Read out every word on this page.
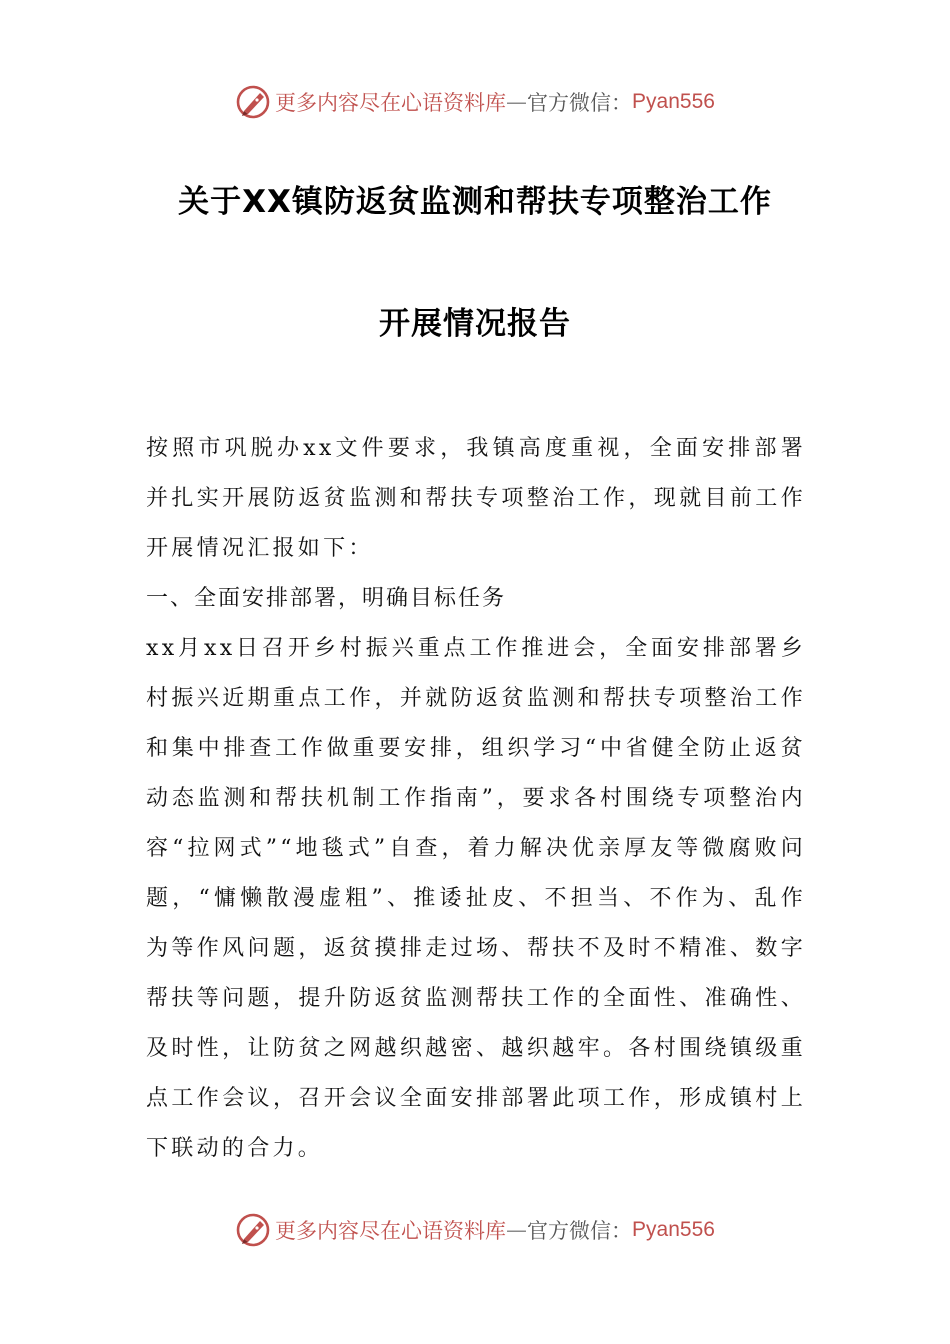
更多内容尽在心语资料库 — 官方微信： Pyan556
关于XX镇防返贫监测和帮扶专项整治工作
开展情况报告

按照市巩脱办xx文件要求，我镇高度重视，全面安排部署并扎实开展防返贫监测和帮扶专项整治工作，现就目前工作开展情况汇报如下：

一、全面安排部署，明确目标任务

xx月xx日召开乡村振兴重点工作推进会，全面安排部署乡村振兴近期重点工作，并就防返贫监测和帮扶专项整治工作和集中排查工作做重要安排，组织学习“中省健全防止返贫动态监测和帮扶机制工作指南”，要求各村围绕专项整治内容“拉网式”“地毯式”自查，着力解决优亲厚友等微腐败问题，“慵懒散漫虚粗”、推诿扯皮、不担当、不作为、乱作为等作风问题，返贫摸排走过场、帮扶不及时不精准、数字帮扶等问题，提升防返贫监测帮扶工作的全面性、准确性、及时性，让防贫之网越织越密、越织越牢。各村围绕镇级重点工作会议，召开会议全面安排部署此项工作，形成镇村上下联动的合力。

更多内容尽在心语资料库 — 官方微信： Pyan556
